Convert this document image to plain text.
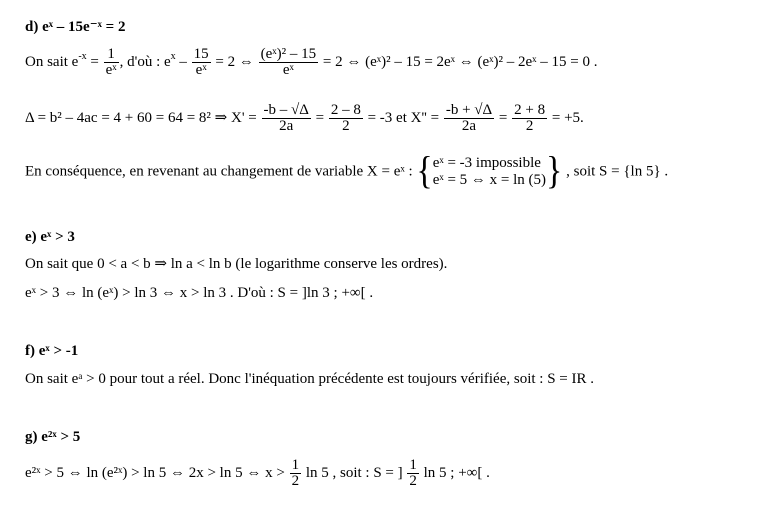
d) eˣ – 15e⁻ˣ = 2
On sait $e^{-x} = \frac{1}{\text{eˣ}}$ , d'où : $e^x - \frac{15}{\text{eˣ}} = 2$ ⇔ $\frac{\text{(eˣ)² – 15}}{\text{eˣ}} = 2$ ⇔ (eˣ)² – 15 = 2eˣ ⇔ (eˣ)² – 2eˣ – 15 = 0 .
Δ = b² – 4ac = 4 + 60 = 64 = 8² ⇒ $X' = \frac{-b - √\Delta}{2a} = \frac{2 - 8}{2} = -3$ et $X'' = \frac{-b + √\Delta}{2a} = \frac{2 + 8}{2} = +5$.
En conséquence, en revenant au changement de variable X = eˣ : { eˣ = -3 impossible
eˣ = 5 ⇔ x = ln (5) } , soit S = {ln 5} .
e) eˣ > 3
On sait que 0 < a < b ⇒ ln a < ln b (le logarithme conserve les ordres).
eˣ > 3 ⇔ ln (eˣ) > ln 3 ⇔ x > ln 3 . D'où : S = ]ln 3 ; +∞[ .
f) eˣ > -1
On sait eᵃ > 0 pour tout a réel. Donc l'inéquation précédente est toujours vérifiée, soit : S = IR .
g) e²ˣ > 5
e²ˣ > 5 ⇔ ln (e²ˣ) > ln 5 ⇔ 2x > ln 5 ⇔ $x > \frac{1}{2}$ ln 5 , soit : S = ] $\frac{1}{2}$ ln 5 ; +∞[ .
